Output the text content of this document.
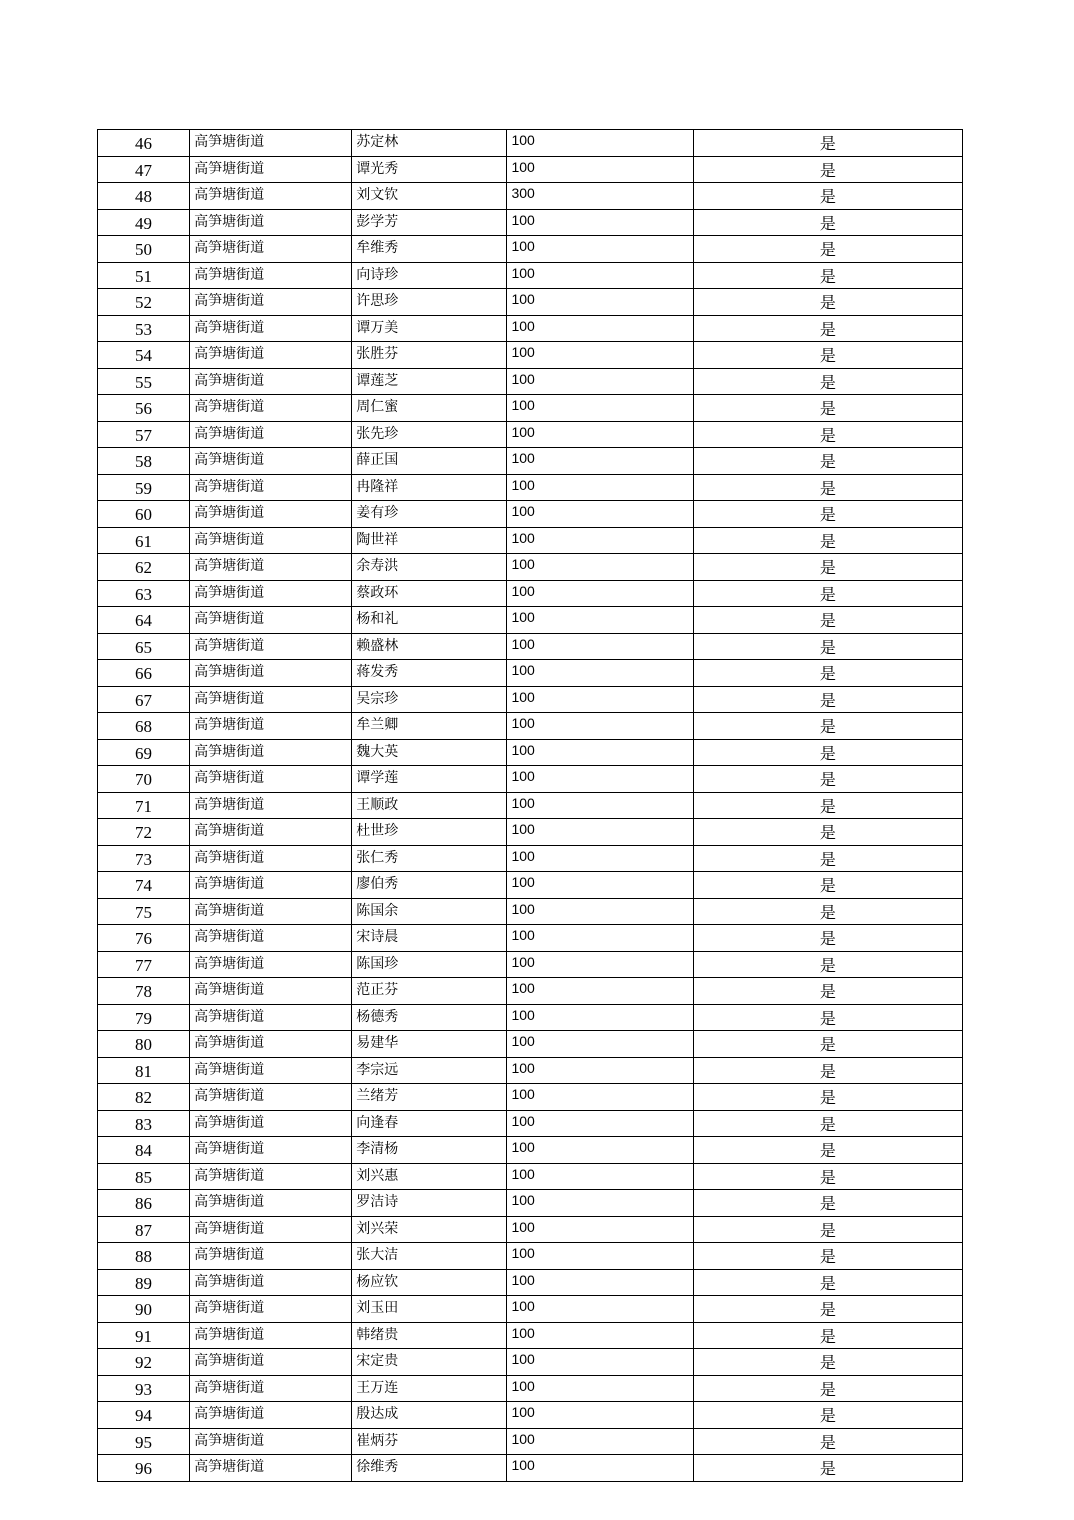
46	高笋塘街道	苏定林	100	是
47	高笋塘街道	谭光秀	100	是
48	高笋塘街道	刘文钦	300	是
49	高笋塘街道	彭学芳	100	是
50	高笋塘街道	牟维秀	100	是
51	高笋塘街道	向诗珍	100	是
52	高笋塘街道	许思珍	100	是
53	高笋塘街道	谭万美	100	是
54	高笋塘街道	张胜芬	100	是
55	高笋塘街道	谭莲芝	100	是
56	高笋塘街道	周仁蜜	100	是
57	高笋塘街道	张先珍	100	是
58	高笋塘街道	薛正国	100	是
59	高笋塘街道	冉隆祥	100	是
60	高笋塘街道	姜有珍	100	是
61	高笋塘街道	陶世祥	100	是
62	高笋塘街道	余寿洪	100	是
63	高笋塘街道	蔡政环	100	是
64	高笋塘街道	杨和礼	100	是
65	高笋塘街道	赖盛林	100	是
66	高笋塘街道	蒋发秀	100	是
67	高笋塘街道	吴宗珍	100	是
68	高笋塘街道	牟兰卿	100	是
69	高笋塘街道	魏大英	100	是
70	高笋塘街道	谭学莲	100	是
71	高笋塘街道	王顺政	100	是
72	高笋塘街道	杜世珍	100	是
73	高笋塘街道	张仁秀	100	是
74	高笋塘街道	廖伯秀	100	是
75	高笋塘街道	陈国余	100	是
76	高笋塘街道	宋诗晨	100	是
77	高笋塘街道	陈国珍	100	是
78	高笋塘街道	范正芬	100	是
79	高笋塘街道	杨德秀	100	是
80	高笋塘街道	易建华	100	是
81	高笋塘街道	李宗远	100	是
82	高笋塘街道	兰绪芳	100	是
83	高笋塘街道	向逢春	100	是
84	高笋塘街道	李清杨	100	是
85	高笋塘街道	刘兴惠	100	是
86	高笋塘街道	罗洁诗	100	是
87	高笋塘街道	刘兴荣	100	是
88	高笋塘街道	张大洁	100	是
89	高笋塘街道	杨应钦	100	是
90	高笋塘街道	刘玉田	100	是
91	高笋塘街道	韩绪贵	100	是
92	高笋塘街道	宋定贵	100	是
93	高笋塘街道	王万连	100	是
94	高笋塘街道	殷达成	100	是
95	高笋塘街道	崔炳芬	100	是
96	高笋塘街道	徐维秀	100	是
